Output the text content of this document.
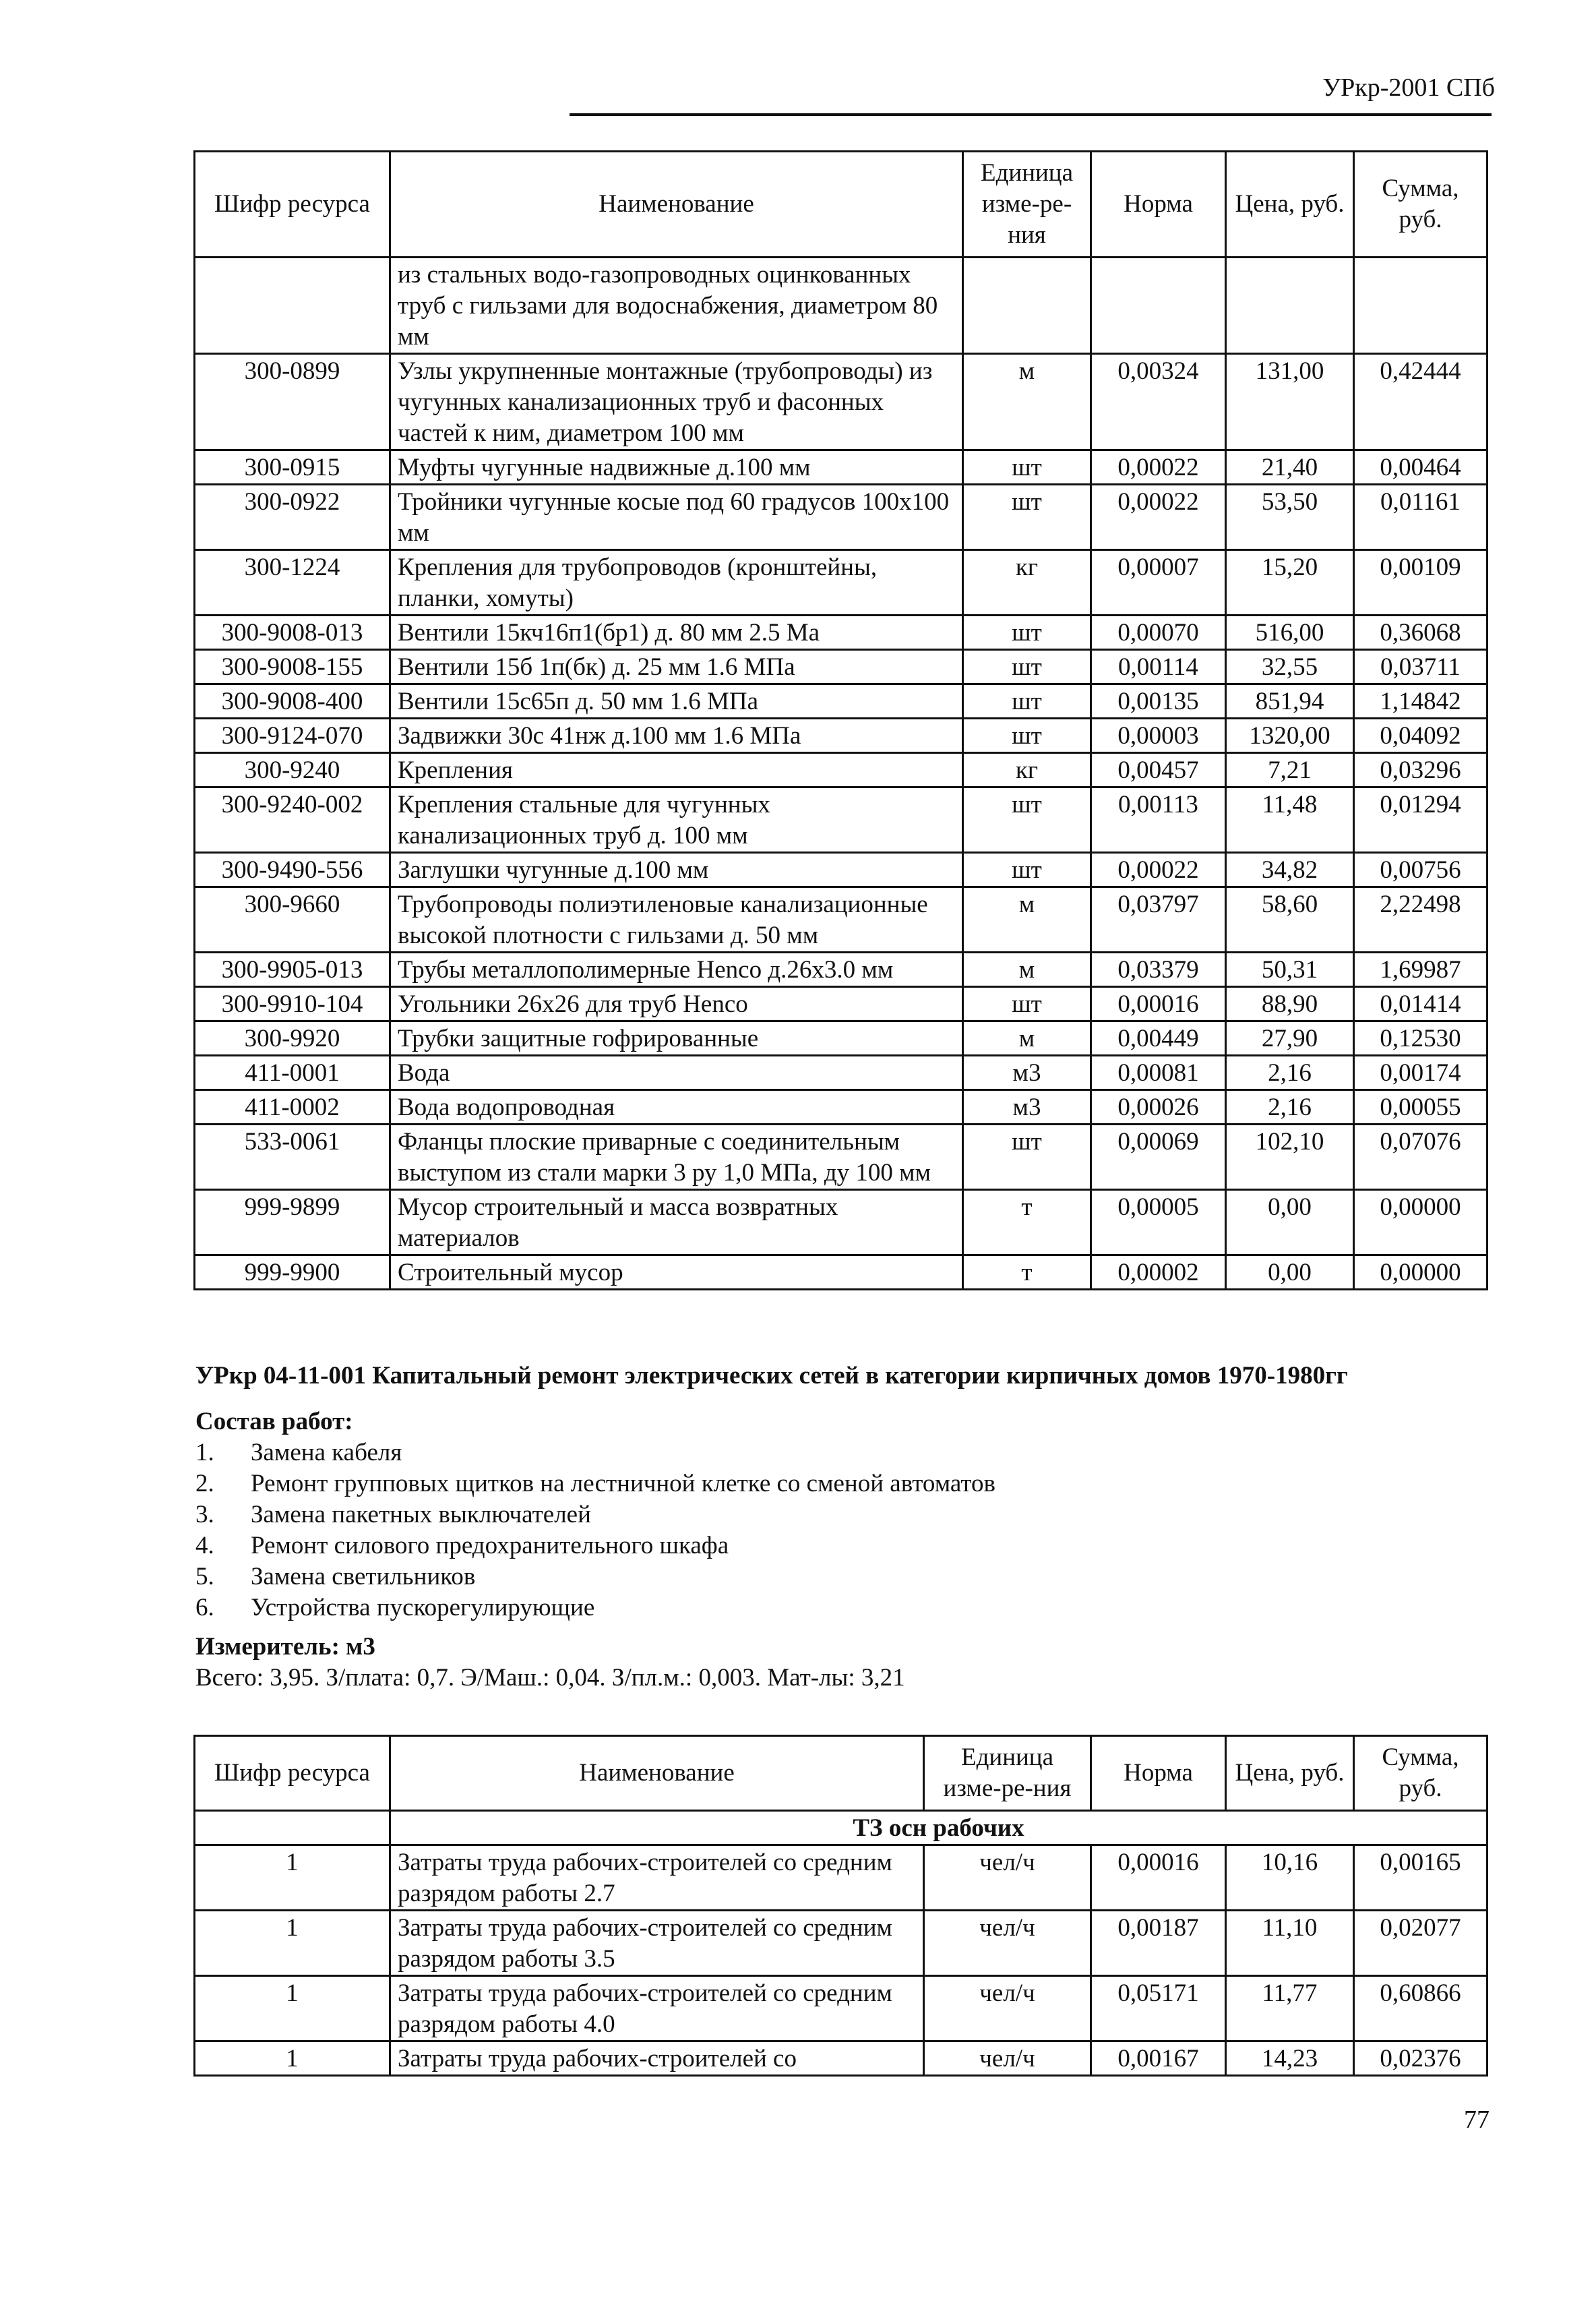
УРкр-2001 СПб
Шифр ресурса	Наименование	Единица изме-ре-ния	Норма	Цена, руб.	Сумма, руб.
	из стальных водо-газопроводных оцинкованных труб с гильзами для водоснабжения, диаметром 80 мм				
300-0899	Узлы укрупненные монтажные (трубопроводы) из чугунных канализационных труб и фасонных частей к ним, диаметром 100 мм	м	0,00324	131,00	0,42444
300-0915	Муфты чугунные надвижные д.100 мм	шт	0,00022	21,40	0,00464
300-0922	Тройники чугунные косые под 60 градусов 100х100 мм	шт	0,00022	53,50	0,01161
300-1224	Крепления для трубопроводов (кронштейны, планки, хомуты)	кг	0,00007	15,20	0,00109
300-9008-013	Вентили 15кч16п1(бр1) д. 80 мм 2.5 Ма	шт	0,00070	516,00	0,36068
300-9008-155	Вентили 15б 1п(бк) д. 25 мм 1.6 МПа	шт	0,00114	32,55	0,03711
300-9008-400	Вентили 15с65п д. 50 мм 1.6 МПа	шт	0,00135	851,94	1,14842
300-9124-070	Задвижки 30с 41нж д.100 мм 1.6 МПа	шт	0,00003	1320,00	0,04092
300-9240	Крепления	кг	0,00457	7,21	0,03296
300-9240-002	Крепления стальные для чугунных канализационных труб д. 100 мм	шт	0,00113	11,48	0,01294
300-9490-556	Заглушки чугунные д.100 мм	шт	0,00022	34,82	0,00756
300-9660	Трубопроводы полиэтиленовые канализационные высокой плотности с гильзами д. 50 мм	м	0,03797	58,60	2,22498
300-9905-013	Трубы металлополимерные Henco д.26х3.0 мм	м	0,03379	50,31	1,69987
300-9910-104	Угольники 26х26 для труб Henco	шт	0,00016	88,90	0,01414
300-9920	Трубки защитные гофрированные	м	0,00449	27,90	0,12530
411-0001	Вода	м3	0,00081	2,16	0,00174
411-0002	Вода водопроводная	м3	0,00026	2,16	0,00055
533-0061	Фланцы плоские приварные с соединительным выступом из стали марки 3 ру 1,0 МПа, ду 100 мм	шт	0,00069	102,10	0,07076
999-9899	Мусор строительный и масса возвратных материалов	т	0,00005	0,00	0,00000
999-9900	Строительный мусор	т	0,00002	0,00	0,00000
УРкр 04-11-001 Капитальный ремонт электрических сетей в категории кирпичных домов 1970-1980гг
Состав работ:
1.	Замена кабеля
2.	Ремонт групповых щитков на лестничной клетке со сменой автоматов
3.	Замена пакетных выключателей
4.	Ремонт силового предохранительного шкафа
5.	Замена светильников
6.	Устройства пускорегулирующие
Измеритель: м3
Всего: 3,95. З/плата: 0,7. Э/Маш.: 0,04. З/пл.м.: 0,003. Мат-лы: 3,21
Шифр ресурса	Наименование	Единица изме-ре-ния	Норма	Цена, руб.	Сумма, руб.
	ТЗ осн рабочих				
1	Затраты труда рабочих-строителей со средним разрядом работы 2.7	чел/ч	0,00016	10,16	0,00165
1	Затраты труда рабочих-строителей со средним разрядом работы 3.5	чел/ч	0,00187	11,10	0,02077
1	Затраты труда рабочих-строителей со средним разрядом работы 4.0	чел/ч	0,05171	11,77	0,60866
1	Затраты труда рабочих-строителей со	чел/ч	0,00167	14,23	0,02376
77
